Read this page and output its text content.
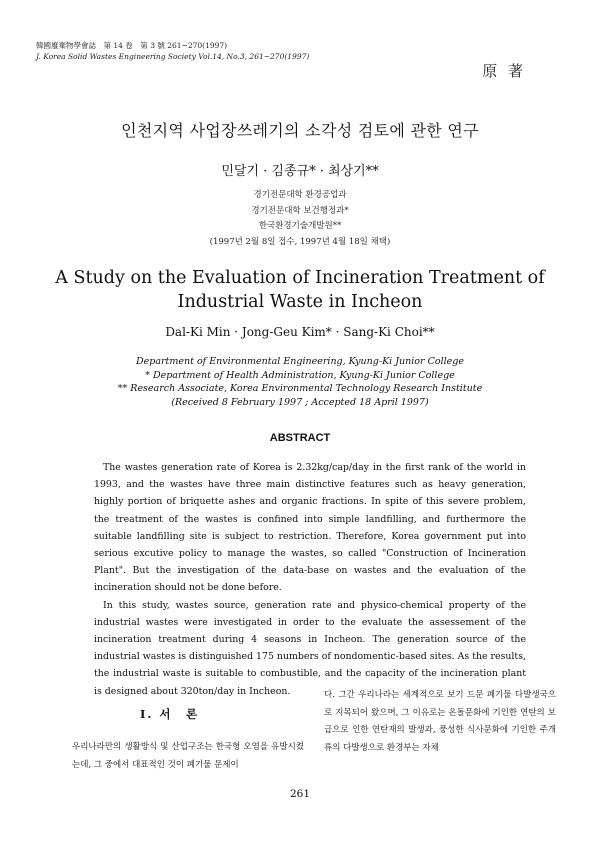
韓國廢棄物學會誌　第 14 卷　第 3 號 261~270(1997)
J. Korea Solid Wastes Engineering Society Vol.14, No.3, 261~270(1997)
原 著
인천지역 사업장쓰레기의 소각성 검토에 관한 연구
민달기 · 김종규* · 최상기**
경기전문대학 환경공업과
경기전문대학 보건행정과*
한국환경기술개발원**
(1997년 2월 8일 접수, 1997년 4월 18일 채택)
A Study on the Evaluation of Incineration Treatment of
Industrial Waste in Incheon
Dal-Ki Min · Jong-Geu Kim* · Sang-Ki Choi**
Department of Environmental Engineering, Kyung-Ki Junior College
* Department of Health Administration, Kyung-Ki Junior College
** Research Associate, Korea Environmental Technology Research Institute
(Received 8 February 1997 ; Accepted 18 April 1997)
ABSTRACT

The wastes generation rate of Korea is 2.32kg/cap/day in the first rank of the world in 1993, and the wastes have three main distinctive features such as heavy generation, highly portion of briquette ashes and organic fractions. In spite of this severe problem, the treatment of the wastes is confined into simple landfilling, and furthermore the suitable landfilling site is subject to restriction. Therefore, Korea government put into serious excutive policy to manage the wastes, so called "Construction of Incineration Plant". But the investigation of the data-base on wastes and the evaluation of the incineration should not be done before.

In this study, wastes source, generation rate and physico-chemical property of the industrial wastes were investigated in order to the evaluate the assessement of the incineration treatment during 4 seasons in Incheon. The generation source of the industrial wastes is distinguished 175 numbers of nondomentic-based sites. As the results, the industrial waste is suitable to combustible, and the capacity of the incineration plant is designed about 320ton/day in Incheon.

I. 서　론

우리나라만의 생활방식 및 산업구조는 한국형 오염을 유발시켰는데, 그 중에서 대표적인 것이 폐기물 문제이

다. 그간 우리나라는 세계적으로 보기 드문 폐기물 다발생국으로 지목되어 왔으며, 그 이유로는 온돌문화에 기인한 연탄의 보급으로 인한 연탄재의 발생과, 풍성한 식사문화에 기인한 주개류의 다발생으로 환경부는 자체

261
